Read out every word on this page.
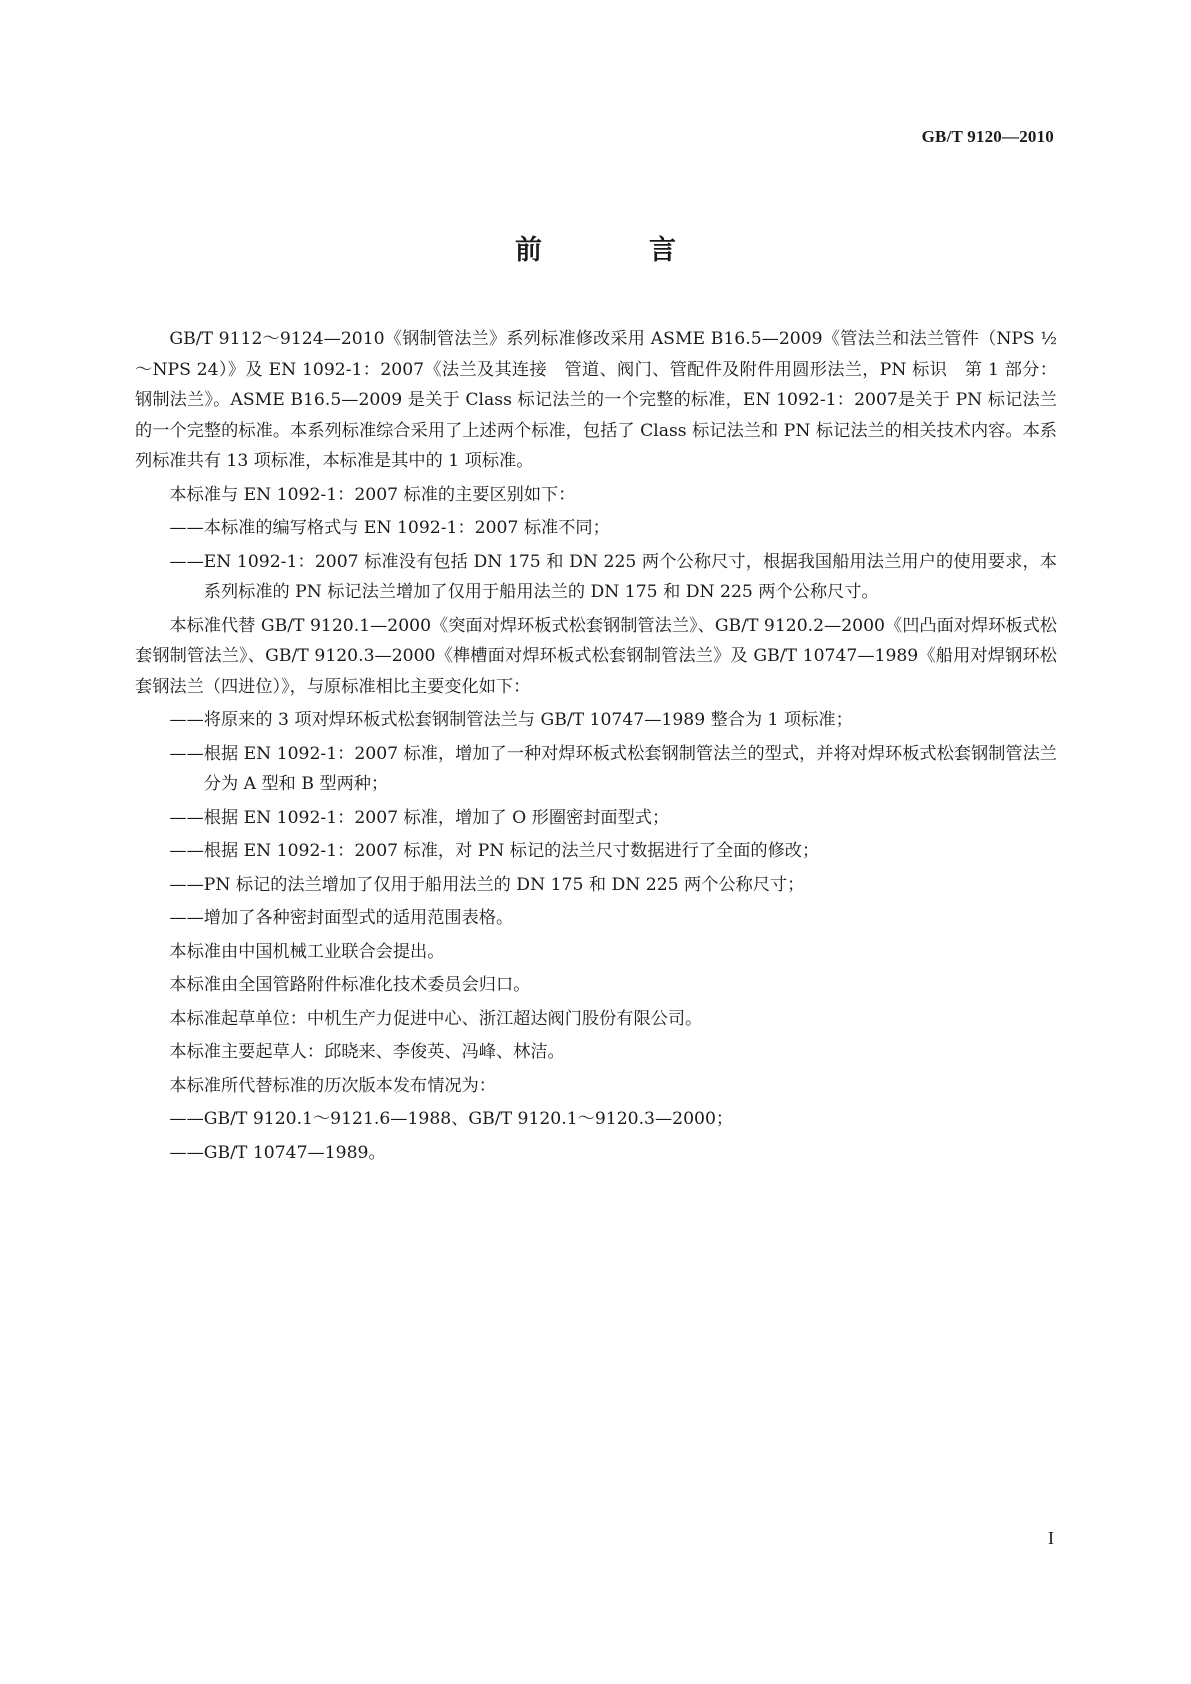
GB/T 9120—2010
前　言
GB/T 9112～9124—2010《钢制管法兰》系列标准修改采用 ASME B16.5—2009《管法兰和法兰管件（NPS ½～NPS 24）》及 EN 1092-1：2007《法兰及其连接　管道、阀门、管配件及附件用圆形法兰，PN 标识　第 1 部分：钢制法兰》。ASME B16.5—2009 是关于 Class 标记法兰的一个完整的标准，EN 1092-1：2007是关于 PN 标记法兰的一个完整的标准。本系列标准综合采用了上述两个标准，包括了 Class 标记法兰和 PN 标记法兰的相关技术内容。本系列标准共有 13 项标准，本标准是其中的 1 项标准。
本标准与 EN 1092-1：2007 标准的主要区别如下：
——本标准的编写格式与 EN 1092-1：2007 标准不同；
——EN 1092-1：2007 标准没有包括 DN 175 和 DN 225 两个公称尺寸，根据我国船用法兰用户的使用要求，本系列标准的 PN 标记法兰增加了仅用于船用法兰的 DN 175 和 DN 225 两个公称尺寸。
本标准代替 GB/T 9120.1—2000《突面对焊环板式松套钢制管法兰》、GB/T 9120.2—2000《凹凸面对焊环板式松套钢制管法兰》、GB/T 9120.3—2000《榫槽面对焊环板式松套钢制管法兰》及 GB/T 10747—1989《船用对焊钢环松套钢法兰（四进位）》，与原标准相比主要变化如下：
——将原来的 3 项对焊环板式松套钢制管法兰与 GB/T 10747—1989 整合为 1 项标准；
——根据 EN 1092-1：2007 标准，增加了一种对焊环板式松套钢制管法兰的型式，并将对焊环板式松套钢制管法兰分为 A 型和 B 型两种；
——根据 EN 1092-1：2007 标准，增加了 O 形圈密封面型式；
——根据 EN 1092-1：2007 标准，对 PN 标记的法兰尺寸数据进行了全面的修改；
——PN 标记的法兰增加了仅用于船用法兰的 DN 175 和 DN 225 两个公称尺寸；
——增加了各种密封面型式的适用范围表格。
本标准由中国机械工业联合会提出。
本标准由全国管路附件标准化技术委员会归口。
本标准起草单位：中机生产力促进中心、浙江超达阀门股份有限公司。
本标准主要起草人：邱晓来、李俊英、冯峰、林洁。
本标准所代替标准的历次版本发布情况为：
——GB/T 9120.1～9121.6—1988、GB/T 9120.1～9120.3—2000；
——GB/T 10747—1989。
I
